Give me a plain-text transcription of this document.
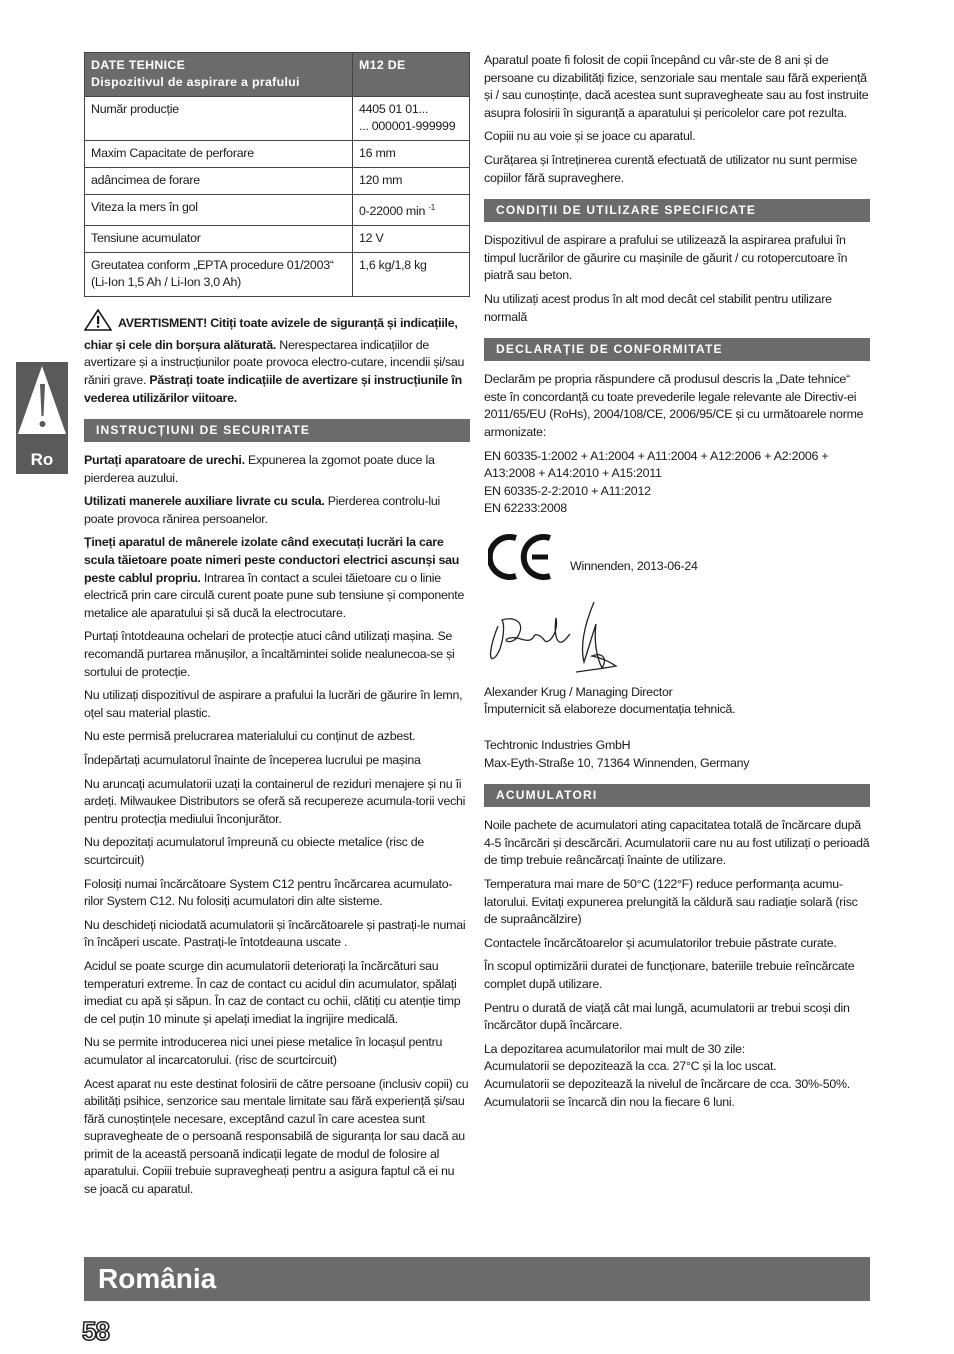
DATE TEHNICE
Dispozitivul de aspirare a prafului	M12 DE
Număr producție	4405 01 01...
... 000001-999999

Maxim Capacitate de perforare	16 mm
adâncimea de forare	120 mm
Viteza la mers în gol	0-22000 min $^{-1}$
Tensiune acumulator	12 V
Greutatea conform „EPTA procedure 01/2003“ (Li-Ion 1,5 Ah / Li-Ion 3,0 Ah)	1,6 kg/1,8 kg

AVERTISMENT! Citiți toate avizele de siguranță și indicațiile, chiar și cele din borșura alăturată. Nerespectarea indicațiilor de avertizare și a instrucțiunilor poate provoca electro-cutare, incendii și/sau răniri grave. Păstrați toate indicațiile de avertizare și instrucțiunile în vederea utilizărilor viitoare.

INSTRUCȚIUNI DE SECURITATE

Purtați aparatoare de urechi. Expunerea la zgomot poate duce la pierderea auzului.

Utilizati manerele auxiliare livrate cu scula. Pierderea controlu-lui poate provoca rănirea persoanelor.

Țineți aparatul de mânerele izolate când executați lucrări la care scula tăietoare poate nimeri peste conductori electrici ascunși sau peste cablul propriu. Intrarea în contact a sculei tăietoare cu o linie electrică prin care circulă curent poate pune sub tensiune și componente metalice ale aparatului și să ducă la electrocutare.

Purtați întotdeauna ochelari de protecție atuci când utilizați mașina. Se recomandă purtarea mănușilor, a încaltămintei solide nealunecoa-se și sortului de protecție.

Nu utilizați dispozitivul de aspirare a prafului la lucrări de găurire în lemn, oțel sau material plastic.

Nu este permisă prelucrarea materialului cu conținut de azbest.

Îndepărtați acumulatorul înainte de începerea lucrului pe mașina

Nu aruncați acumulatorii uzați la containerul de reziduri menajere și nu îi ardeți. Milwaukee Distributors se oferă să recupereze acumula-torii vechi pentru protecția mediului înconjurător.

Nu depozitați acumulatorul împreună cu obiecte metalice (risc de scurtcircuit)

Folosiți numai încărcătoare System C12 pentru încărcarea acumulato-rilor System C12. Nu folosiți acumulatori din alte sisteme.

Nu deschideți niciodată acumulatorii și încărcătoarele și pastrați-le numai în încăperi uscate. Pastrați-le întotdeauna uscate .

Acidul se poate scurge din acumulatorii deteriorați la încărcături sau temperaturi extreme. În caz de contact cu acidul din acumulator, spălați imediat cu apă și săpun. În caz de contact cu ochii, clătiți cu atenție timp de cel puțin 10 minute și apelați imediat la ingrijire medicală.

Nu se permite introducerea nici unei piese metalice în locașul pentru acumulator al incarcatorului. (risc de scurtcircuit)

Acest aparat nu este destinat folosirii de către persoane (inclusiv copii) cu abilități psihice, senzorice sau mentale limitate sau fără experiență și/sau fără cunoștințele necesare, exceptând cazul în care acestea sunt supravegheate de o persoană responsabilă de siguranța lor sau dacă au primit de la această persoană indicații legate de modul de folosire al aparatului. Copiii trebuie supravegheați pentru a asigura faptul că ei nu se joacă cu aparatul.

Aparatul poate fi folosit de copii începând cu vâr-ste de 8 ani și de persoane cu dizabilități fizice, senzoriale sau mentale sau fără experiență și / sau cunoștințe, dacă acestea sunt supravegheate sau au fost instruite asupra folosirii în siguranță a aparatului și pericolelor care pot rezulta.

Copiii nu au voie și se joace cu aparatul.

Curățarea și întreținerea curentă efectuată de utilizator nu sunt permise copiilor fără supraveghere.

CONDIȚII DE UTILIZARE SPECIFICATE

Dispozitivul de aspirare a prafului se utilizează la aspirarea prafului în timpul lucrărilor de găurire cu mașinile de găurit / cu rotopercutoare în piatră sau beton.

Nu utilizați acest produs în alt mod decât cel stabilit pentru utilizare normală

DECLARAȚIE DE CONFORMITATE

Declarăm pe propria răspundere că produsul descris la „Date tehnice“ este în concordanță cu toate prevederile legale relevante ale Directiv-ei 2011/65/EU (RoHs), 2004/108/CE, 2006/95/CE și cu următoarele norme armonizate:

EN 60335-1:2002 + A1:2004 + A11:2004 + A12:2006 + A2:2006 + A13:2008 + A14:2010 + A15:2011
EN 60335-2-2:2010 + A11:2012
EN 62233:2008
Winnenden, 2013-06-24
Alexander Krug / Managing Director
Împuternicit să elaboreze documentația tehnică.
Techtronic Industries GmbH
Max-Eyth-Straße 10, 71364 Winnenden, Germany
ACUMULATORI

Noile pachete de acumulatori ating capacitatea totală de încărcare după 4-5 încărcări și descărcări. Acumulatorii care nu au fost utilizați o perioadă de timp trebuie reâncărcați înainte de utilizare.

Temperatura mai mare de 50°C (122°F) reduce performanța acumu-latorului. Evitați expunerea prelungită la căldură sau radiație solară (risc de supraâncălzire)

Contactele încărcătoarelor și acumulatorilor trebuie păstrate curate.

În scopul optimizării duratei de funcționare, bateriile trebuie reîncărcate complet după utilizare.

Pentru o durată de viață cât mai lungă, acumulatorii ar trebui scoși din încărcător după încărcare.

La depozitarea acumulatorilor mai mult de 30 zile:
Acumulatorii se depozitează la cca. 27°C și la loc uscat.
Acumulatorii se depozitează la nivelul de încărcare de cca. 30%-50%.
Acumulatorii se încarcă din nou la fiecare 6 luni.
Ro
România
58
